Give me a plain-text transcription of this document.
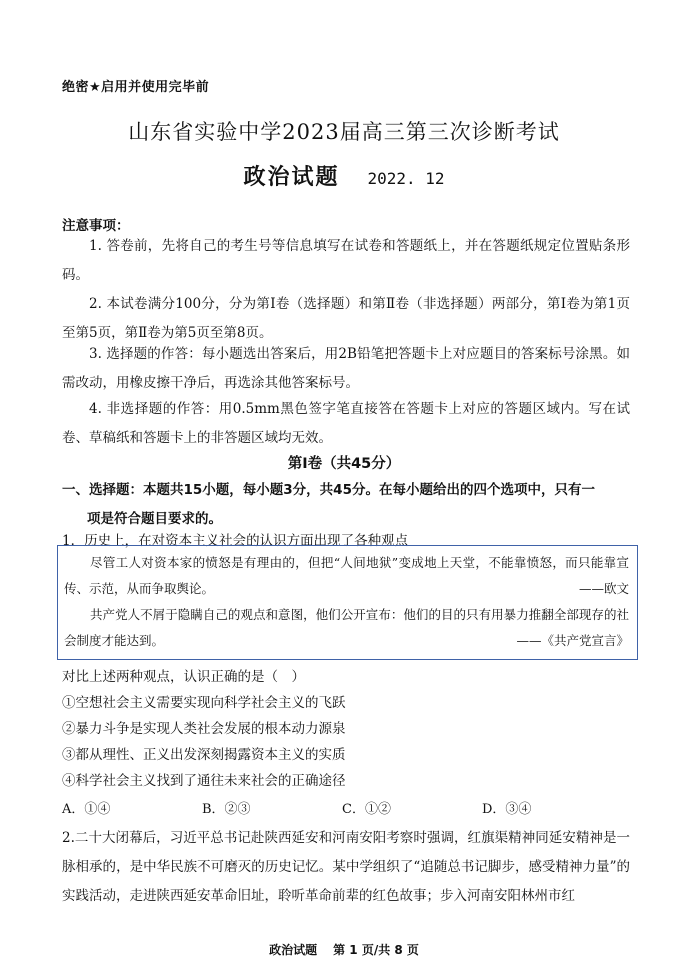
绝密★启用并使用完毕前
山东省实验中学2023届高三第三次诊断考试
政治试题 2022. 12
注意事项：
1. 答卷前，先将自己的考生号等信息填写在试卷和答题纸上，并在答题纸规定位置贴条形码。
2. 本试卷满分100分，分为第Ⅰ卷（选择题）和第Ⅱ卷（非选择题）两部分，第Ⅰ卷为第1页至第5页，第Ⅱ卷为第5页至第8页。
3. 选择题的作答：每小题选出答案后，用2B铅笔把答题卡上对应题目的答案标号涂黑。如需改动，用橡皮擦干净后，再选涂其他答案标号。
4. 非选择题的作答：用0.5mm黑色签字笔直接答在答题卡上对应的答题区域内。写在试卷、草稿纸和答题卡上的非答题区域均无效。
第Ⅰ卷（共45分）
一、选择题：本题共15小题，每小题3分，共45分。在每小题给出的四个选项中，只有一
项是符合题目要求的。
1．历史上，在对资本主义社会的认识方面出现了各种观点
尽管工人对资本家的愤怒是有理由的，但把“人间地狱”变成地上天堂，不能靠愤怒，而只能靠宣传、示范，从而争取舆论。	——欧文
共产党人不屑于隐瞒自己的观点和意图，他们公开宣布：他们的目的只有用暴力推翻全部现存的社会制度才能达到。	——《共产党宣言》
对比上述两种观点，认识正确的是（　）
①空想社会主义需要实现向科学社会主义的飞跃
②暴力斗争是实现人类社会发展的根本动力源泉
③都从理性、正义出发深刻揭露资本主义的实质
④科学社会主义找到了通往未来社会的正确途径
A．①④	B．②③	C．①②	D．③④
2.二十大闭幕后，习近平总书记赴陕西延安和河南安阳考察时强调，红旗渠精神同延安精神是一脉相承的，是中华民族不可磨灭的历史记忆。某中学组织了“追随总书记脚步，感受精神力量”的实践活动，走进陕西延安革命旧址，聆听革命前辈的红色故事；步入河南安阳林州市红
政治试题 第 1 页/共 8 页
